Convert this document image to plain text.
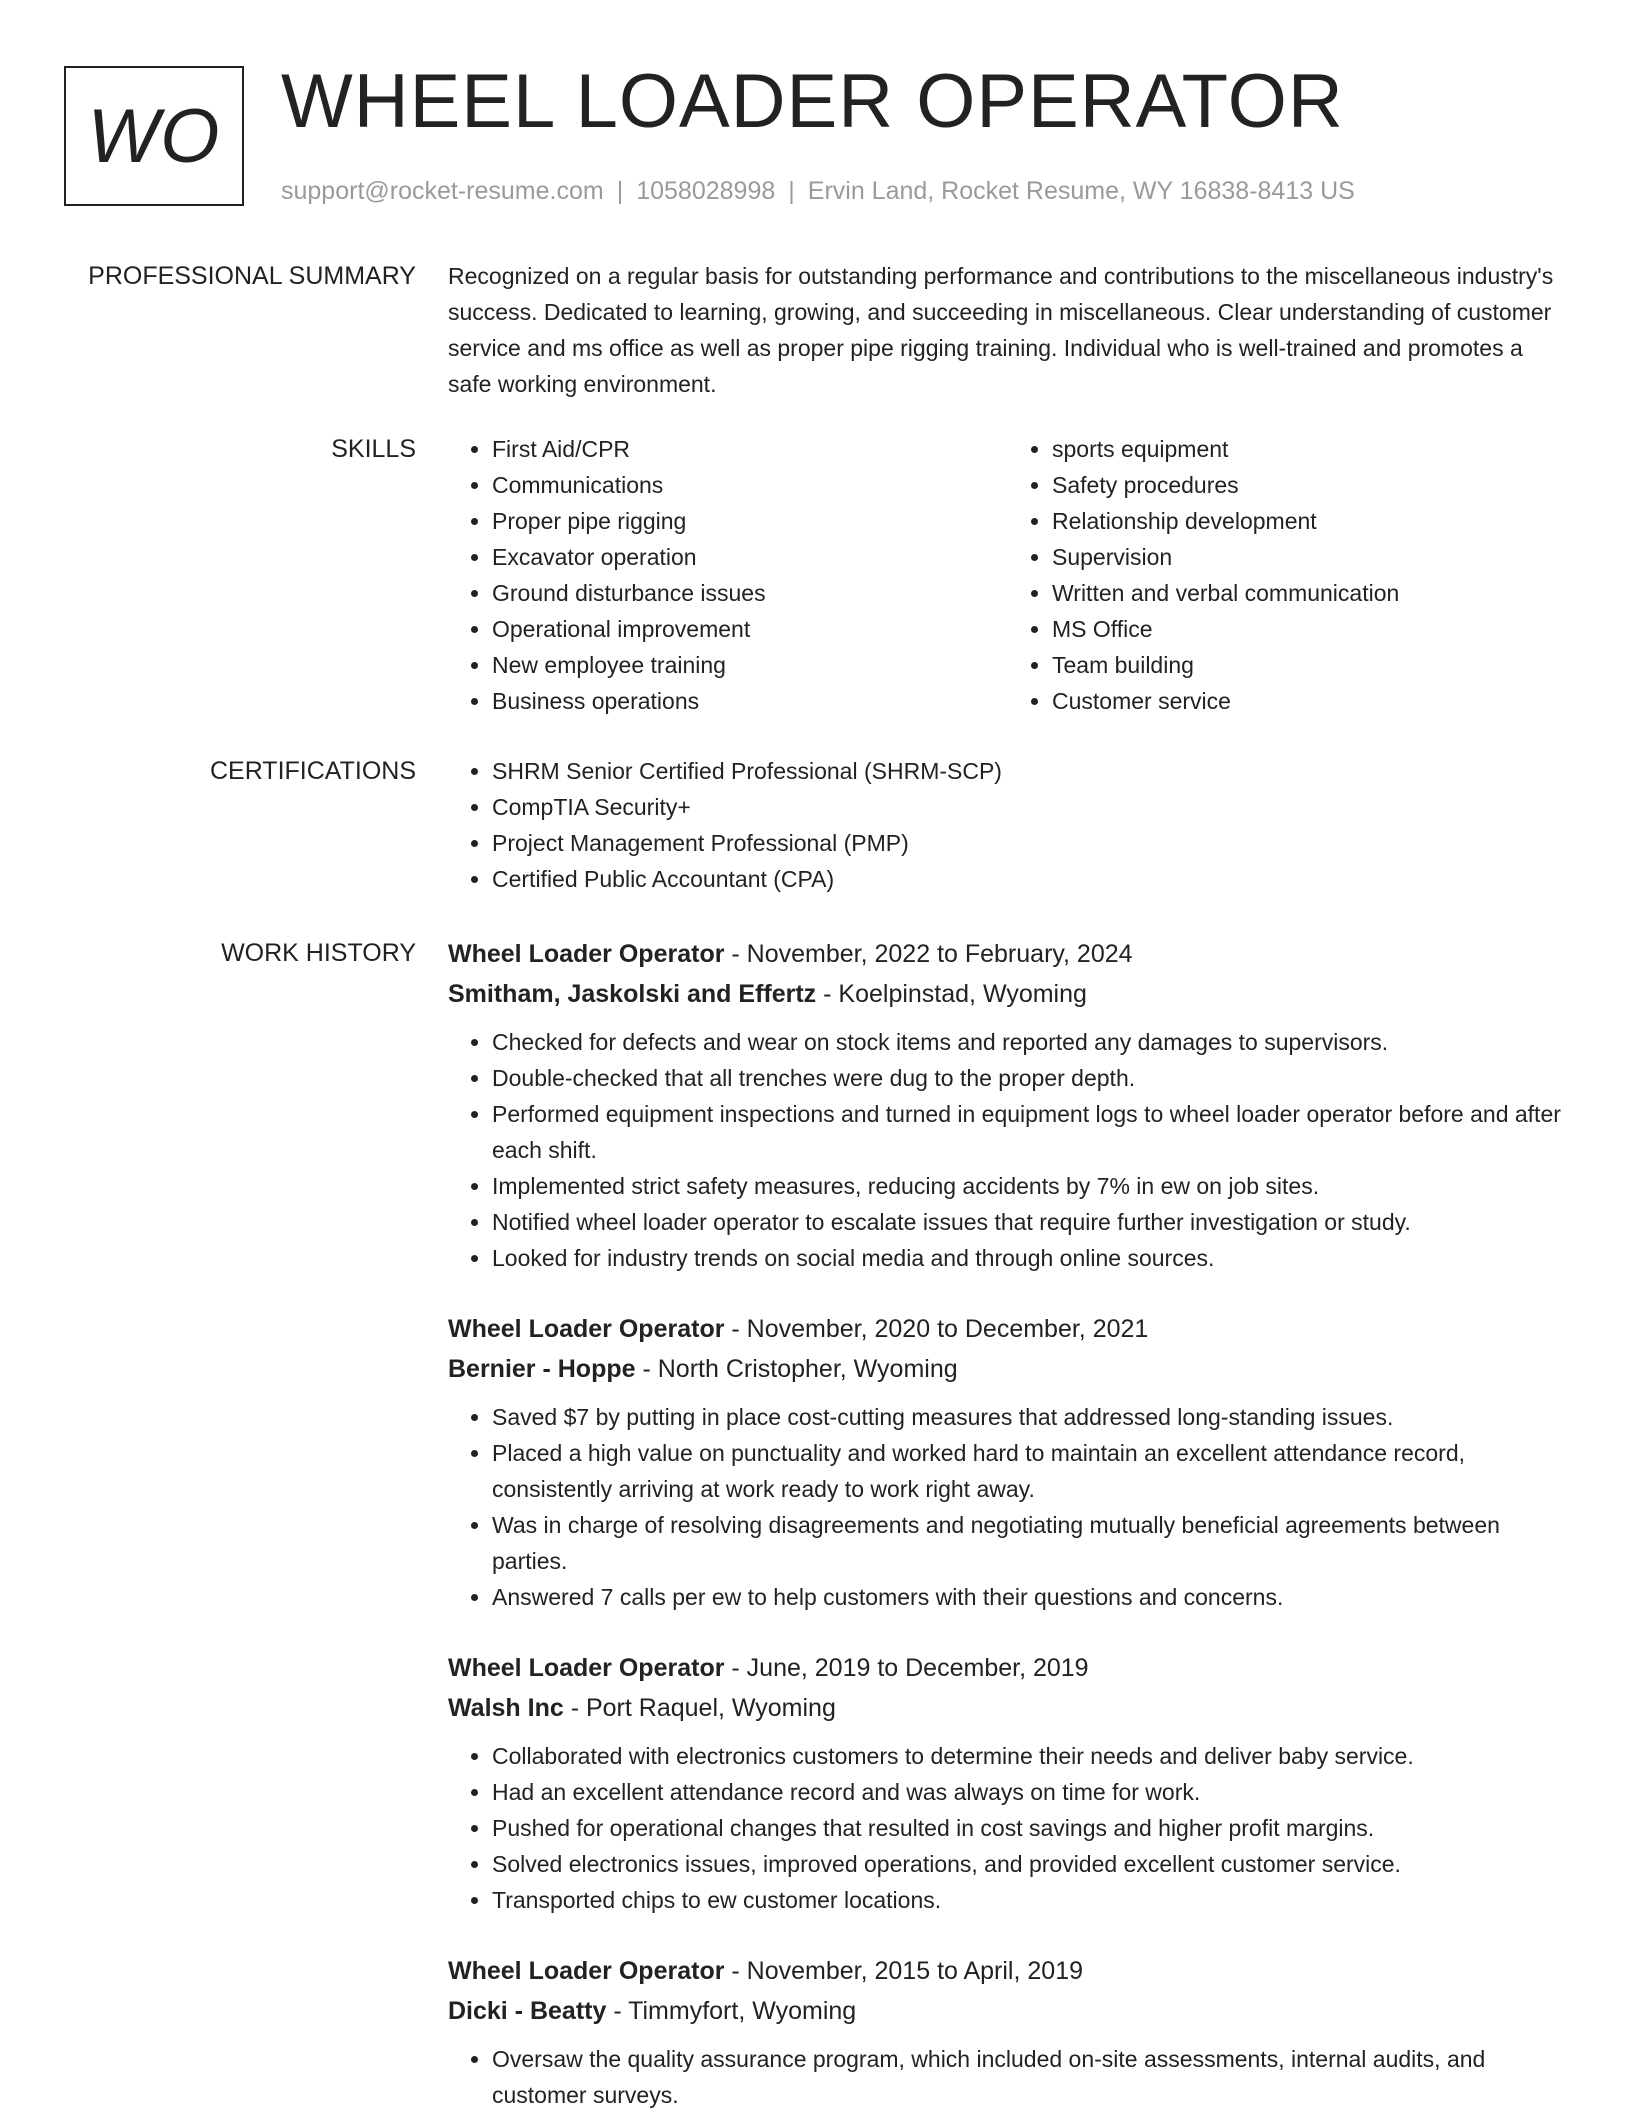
WO WHEEL LOADER OPERATOR
support@rocket-resume.com | 1058028998 | Ervin Land, Rocket Resume, WY 16838-8413 US
PROFESSIONAL SUMMARY Recognized on a regular basis for outstanding performance and contributions to the miscellaneous industry's success. Dedicated to learning, growing, and succeeding in miscellaneous. Clear understanding of customer service and ms office as well as proper pipe rigging training. Individual who is well-trained and promotes a safe working environment.
SKILLS	• First Aid/CPR
• Communications
• Proper pipe rigging
• Excavator operation
• Ground disturbance issues
• Operational improvement
• New employee training
• Business operations
• sports equipment
• Safety procedures
• Relationship development
• Supervision
• Written and verbal communication
• MS Office
• Team building
• Customer service
CERTIFICATIONS	• SHRM Senior Certified Professional (SHRM-SCP)
• CompTIA Security+
• Project Management Professional (PMP)
• Certified Public Accountant (CPA)
WORK HISTORY Wheel Loader Operator - November, 2022 to February, 2024
Smitham, Jaskolski and Effertz - Koelpinstad, Wyoming
• Checked for defects and wear on stock items and reported any damages to supervisors.
• Double-checked that all trenches were dug to the proper depth.
• Performed equipment inspections and turned in equipment logs to wheel loader operator before and after each shift.
• Implemented strict safety measures, reducing accidents by 7% in ew on job sites.
• Notified wheel loader operator to escalate issues that require further investigation or study.
• Looked for industry trends on social media and through online sources.
Wheel Loader Operator - November, 2020 to December, 2021
Bernier - Hoppe - North Cristopher, Wyoming
• Saved $7 by putting in place cost-cutting measures that addressed long-standing issues.
• Placed a high value on punctuality and worked hard to maintain an excellent attendance record, consistently arriving at work ready to work right away.
• Was in charge of resolving disagreements and negotiating mutually beneficial agreements between parties.
• Answered 7 calls per ew to help customers with their questions and concerns.
Wheel Loader Operator - June, 2019 to December, 2019
Walsh Inc - Port Raquel, Wyoming
• Collaborated with electronics customers to determine their needs and deliver baby service.
• Had an excellent attendance record and was always on time for work.
• Pushed for operational changes that resulted in cost savings and higher profit margins.
• Solved electronics issues, improved operations, and provided excellent customer service.
• Transported chips to ew customer locations.
Wheel Loader Operator - November, 2015 to April, 2019
Dicki - Beatty - Timmyfort, Wyoming
• Oversaw the quality assurance program, which included on-site assessments, internal audits, and customer surveys.
